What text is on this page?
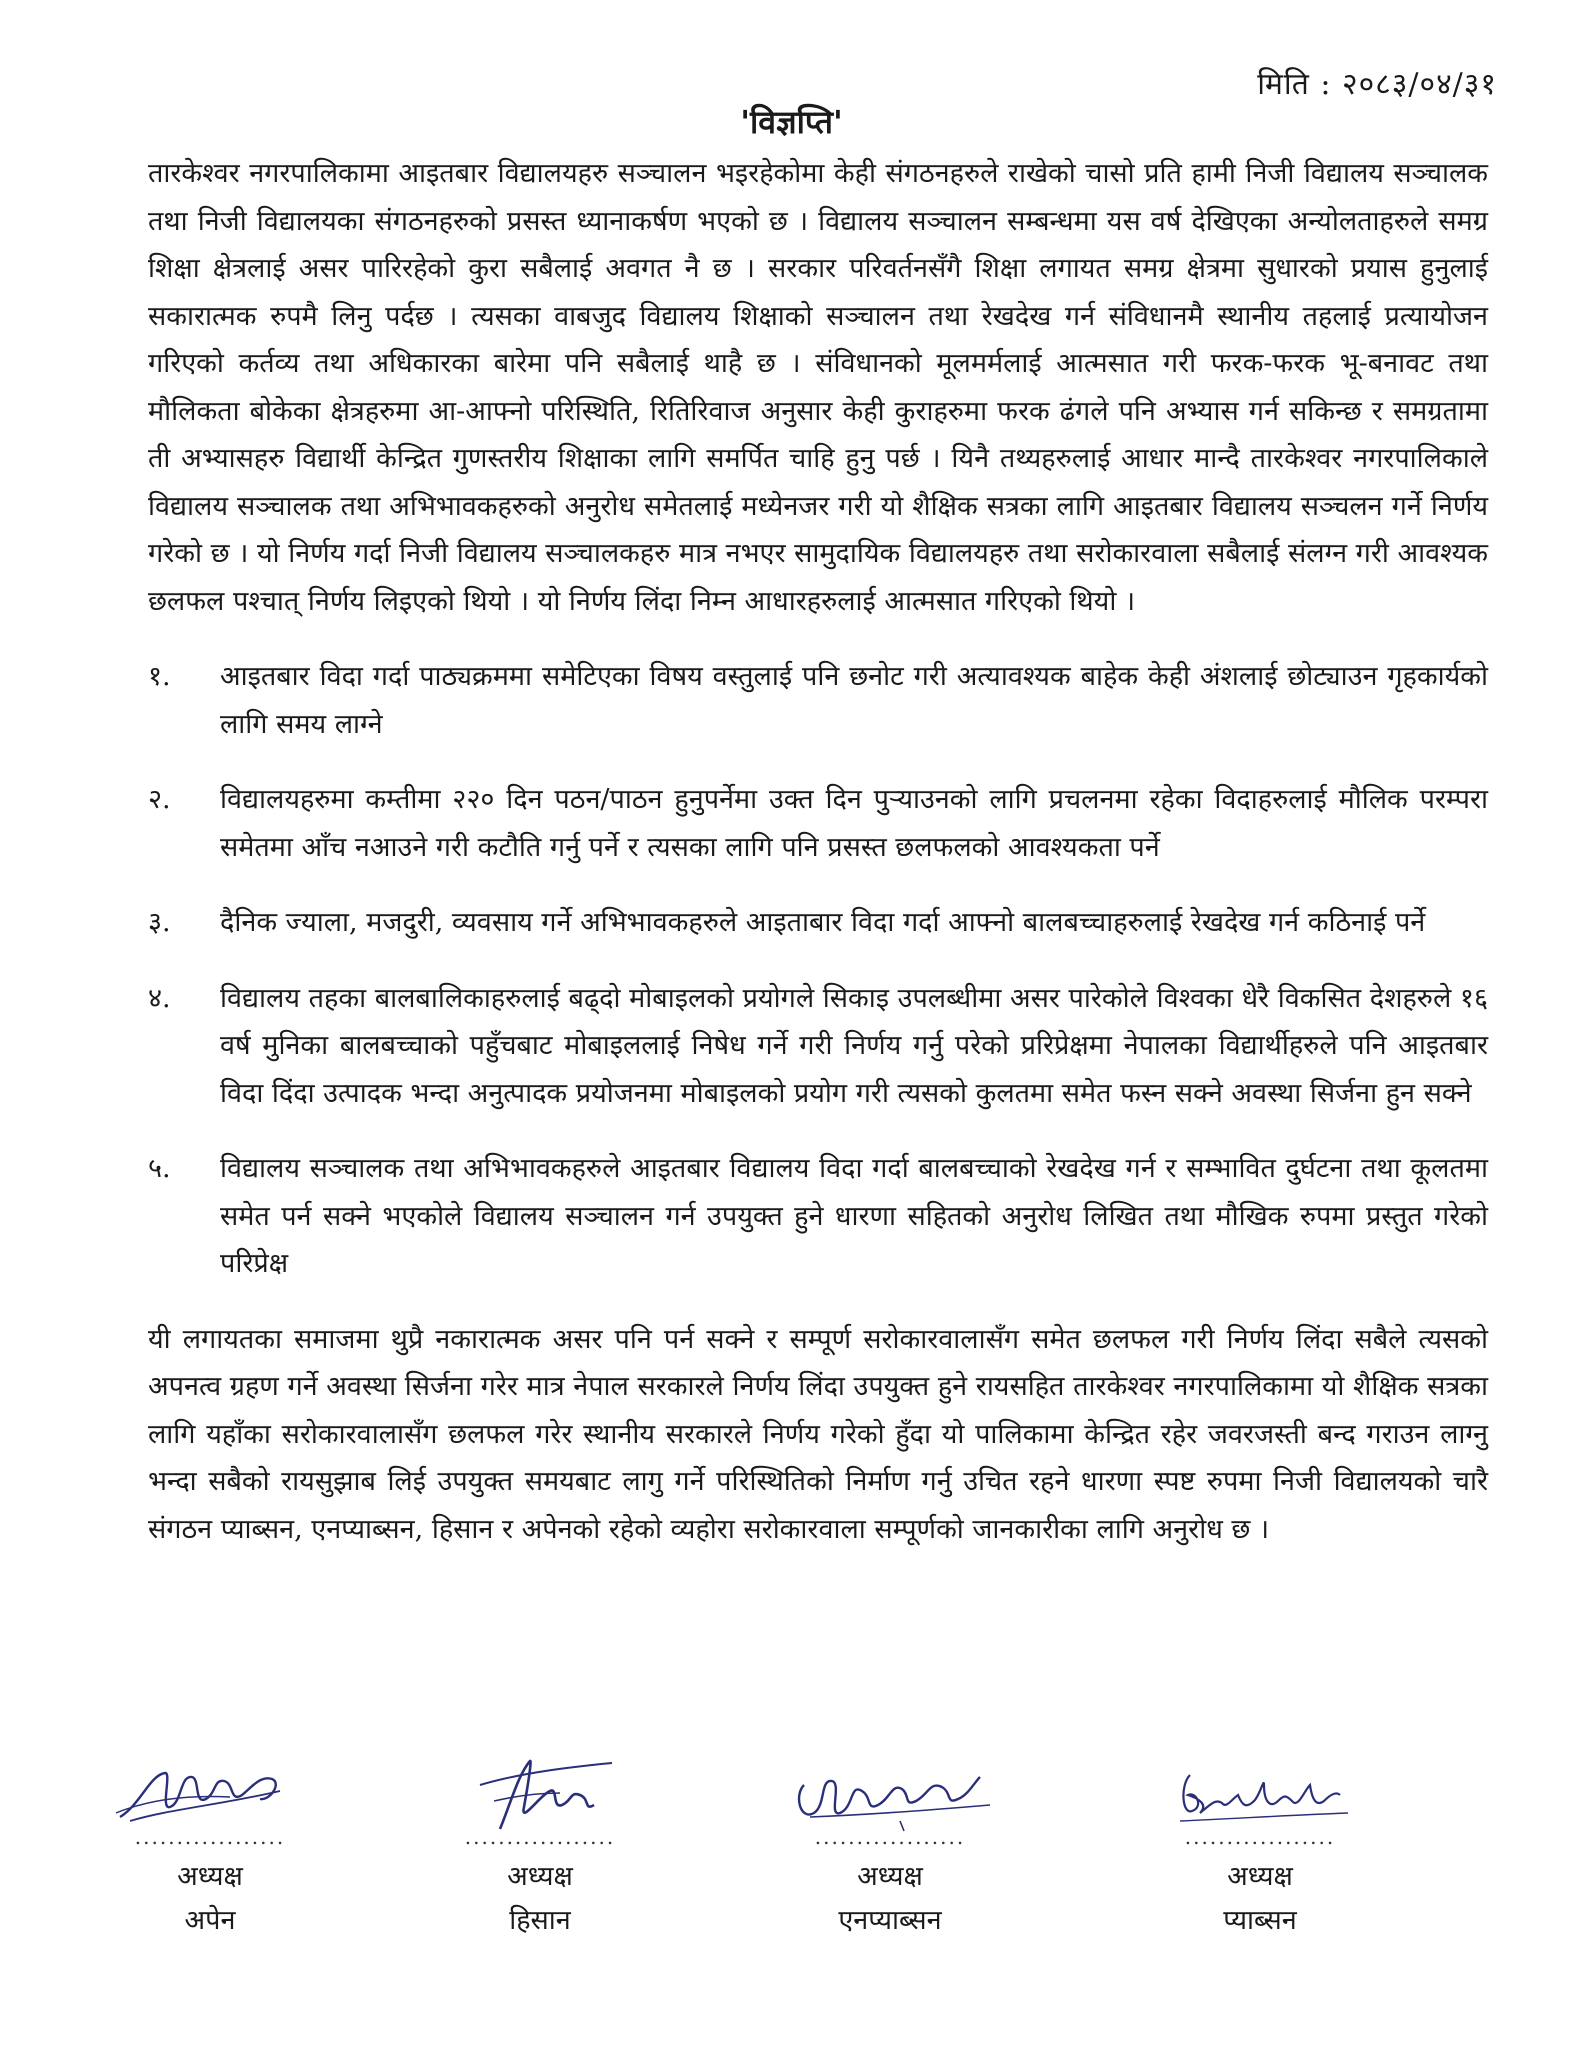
मिति : २०८३/०४/३१
'विज्ञप्ति'

तारकेश्वर नगरपालिकामा आइतबार विद्यालयहरु सञ्चालन भइरहेकोमा केही संगठनहरुले राखेको चासो प्रति हामी निजी विद्यालय सञ्चालक तथा निजी विद्यालयका संगठनहरुको प्रसस्त ध्यानाकर्षण भएको छ । विद्यालय सञ्चालन सम्बन्धमा यस वर्ष देखिएका अन्योलताहरुले समग्र शिक्षा क्षेत्रलाई असर पारिरहेको कुरा सबैलाई अवगत नै छ । सरकार परिवर्तनसँगै शिक्षा लगायत समग्र क्षेत्रमा सुधारको प्रयास हुनुलाई सकारात्मक रुपमै लिनु पर्दछ । त्यसका वाबजुद विद्यालय शिक्षाको सञ्चालन तथा रेखदेख गर्न संविधानमै स्थानीय तहलाई प्रत्यायोजन गरिएको कर्तव्य तथा अधिकारका बारेमा पनि सबैलाई थाहै छ । संविधानको मूलमर्मलाई आत्मसात गरी फरक-फरक भू-बनावट तथा मौलिकता बोकेका क्षेत्रहरुमा आ-आफ्नो परिस्थिति, रितिरिवाज अनुसार केही कुराहरुमा फरक ढंगले पनि अभ्यास गर्न सकिन्छ र समग्रतामा ती अभ्यासहरु विद्यार्थी केन्द्रित गुणस्तरीय शिक्षाका लागि समर्पित चाहि हुनु पर्छ । यिनै तथ्यहरुलाई आधार मान्दै तारकेश्वर नगरपालिकाले विद्यालय सञ्चालक तथा अभिभावकहरुको अनुरोध समेतलाई मध्येनजर गरी यो शैक्षिक सत्रका लागि आइतबार विद्यालय सञ्चलन गर्ने निर्णय गरेको छ । यो निर्णय गर्दा निजी विद्यालय सञ्चालकहरु मात्र नभएर सामुदायिक विद्यालयहरु तथा सरोकारवाला सबैलाई संलग्न गरी आवश्यक छलफल पश्चात् निर्णय लिइएको थियो । यो निर्णय लिंदा निम्न आधारहरुलाई आत्मसात गरिएको थियो ।

१.	आइतबार विदा गर्दा पाठ्यक्रममा समेटिएका विषय वस्तुलाई पनि छनोट गरी अत्यावश्यक बाहेक केही अंशलाई छोट्याउन गृहकार्यको लागि समय लाग्ने
२.	विद्यालयहरुमा कम्तीमा २२० दिन पठन/पाठन हुनुपर्नेमा उक्त दिन पुऱ्याउनको लागि प्रचलनमा रहेका विदाहरुलाई मौलिक परम्परा समेतमा आँच नआउने गरी कटौति गर्नु पर्ने र त्यसका लागि पनि प्रसस्त छलफलको आवश्यकता पर्ने
३.	दैनिक ज्याला, मजदुरी, व्यवसाय गर्ने अभिभावकहरुले आइताबार विदा गर्दा आफ्नो बालबच्चाहरुलाई रेखदेख गर्न कठिनाई पर्ने
४.	विद्यालय तहका बालबालिकाहरुलाई बढ्दो मोबाइलको प्रयोगले सिकाइ उपलब्धीमा असर पारेकोले विश्वका धेरै विकसित देशहरुले १६ वर्ष मुनिका बालबच्चाको पहुँचबाट मोबाइललाई निषेध गर्ने गरी निर्णय गर्नु परेको प्ररिप्रेक्षमा नेपालका विद्यार्थीहरुले पनि आइतबार विदा दिंदा उत्पादक भन्दा अनुत्पादक प्रयोजनमा मोबाइलको प्रयोग गरी त्यसको कुलतमा समेत फस्न सक्ने अवस्था सिर्जना हुन सक्ने
५.	विद्यालय सञ्चालक तथा अभिभावकहरुले आइतबार विद्यालय विदा गर्दा बालबच्चाको रेखदेख गर्न र सम्भावित दुर्घटना तथा कूलतमा समेत पर्न सक्ने भएकोले विद्यालय सञ्चालन गर्न उपयुक्त हुने धारणा सहितको अनुरोध लिखित तथा मौखिक रुपमा प्रस्तुत गरेको परिप्रेक्ष

यी लगायतका समाजमा थुप्रै नकारात्मक असर पनि पर्न सक्ने र सम्पूर्ण सरोकारवालासँग समेत छलफल गरी निर्णय लिंदा सबैले त्यसको अपनत्व ग्रहण गर्ने अवस्था सिर्जना गरेर मात्र नेपाल सरकारले निर्णय लिंदा उपयुक्त हुने रायसहित तारकेश्वर नगरपालिकामा यो शैक्षिक सत्रका लागि यहाँका सरोकारवालासँग छलफल गरेर स्थानीय सरकारले निर्णय गरेको हुँदा यो पालिकामा केन्द्रित रहेर जवरजस्ती बन्द गराउन लाग्नु भन्दा सबैको रायसुझाब लिई उपयुक्त समयबाट लागु गर्ने परिस्थितिको निर्माण गर्नु उचित रहने धारणा स्पष्ट रुपमा निजी विद्यालयको चारै संगठन प्याब्सन, एनप्याब्सन, हिसान र अपेनको रहेको व्यहोरा सरोकारवाला सम्पूर्णको जानकारीका लागि अनुरोध छ ।

..................
अध्यक्ष
अपेन
..................
अध्यक्ष
हिसान
..................
अध्यक्ष
एनप्याब्सन
..................
अध्यक्ष
प्याब्सन
